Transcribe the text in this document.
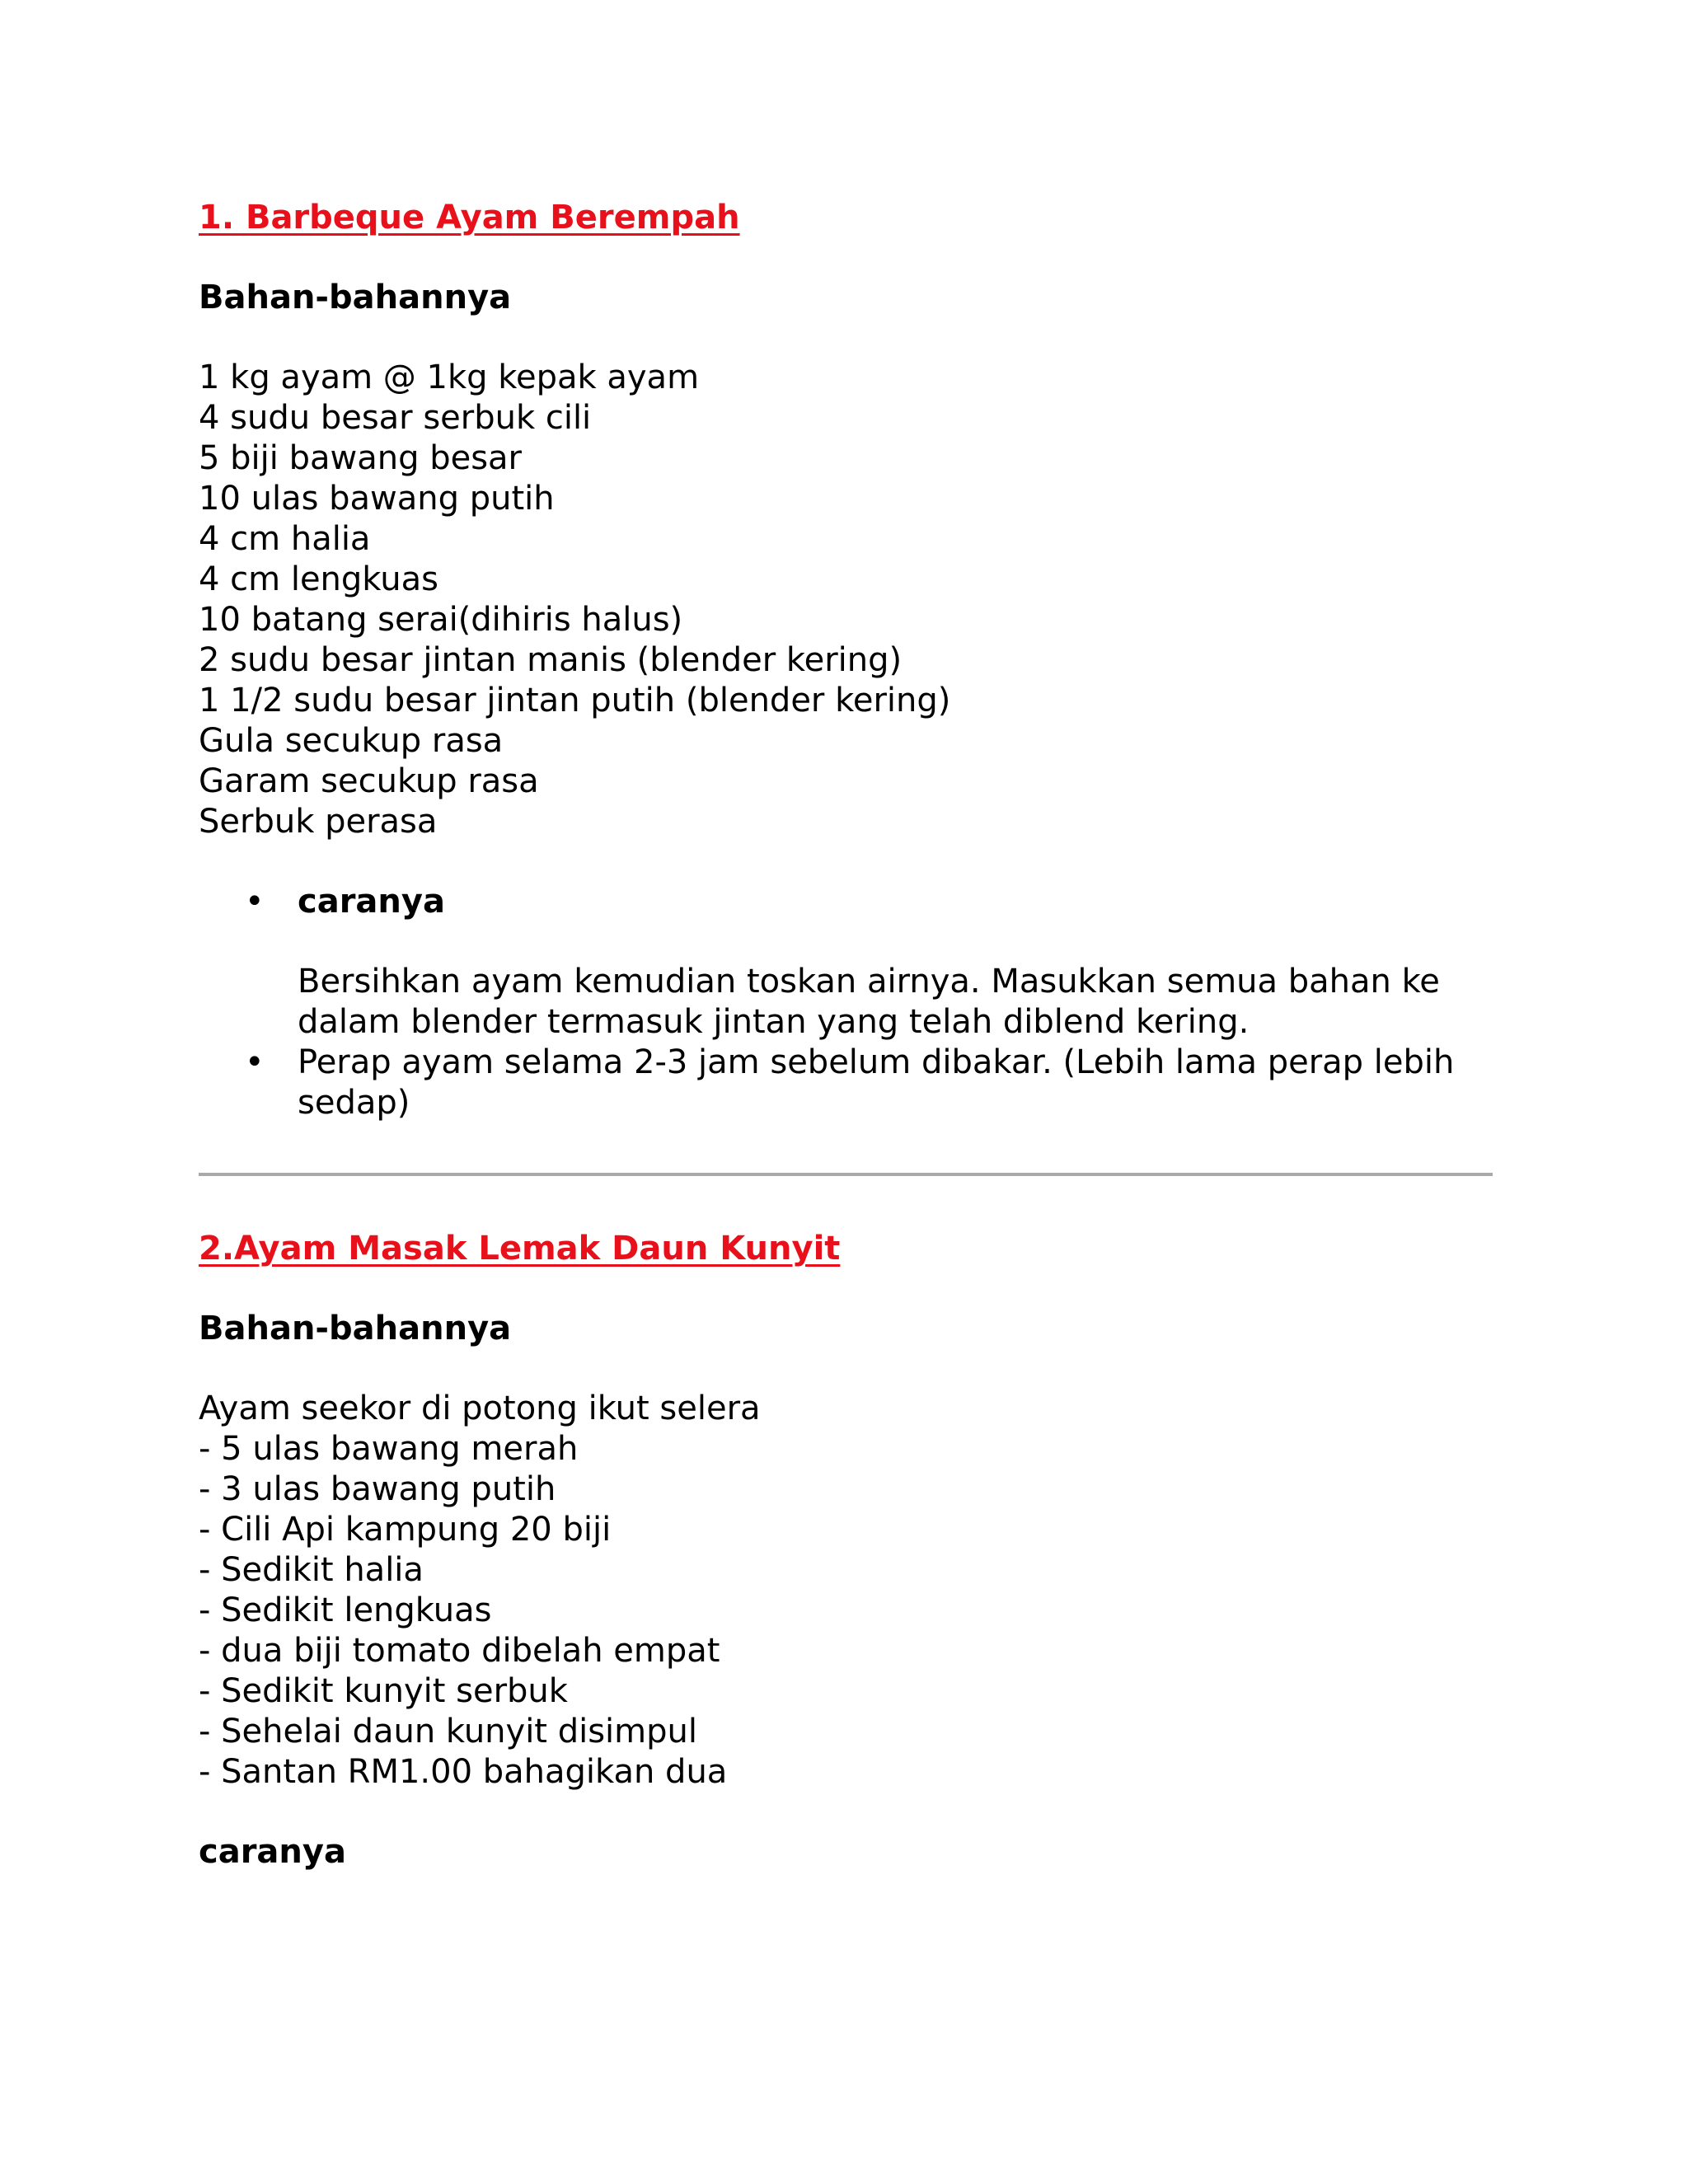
1. Barbeque Ayam Berempah
Bahan-bahannya
1 kg ayam @ 1kg kepak ayam
4 sudu besar serbuk cili
5 biji bawang besar
10 ulas bawang putih
4 cm halia
4 cm lengkuas
10 batang serai(dihiris halus)
2 sudu besar jintan manis (blender kering)
1 1/2 sudu besar jintan putih (blender kering)
Gula secukup rasa
Garam secukup rasa
Serbuk perasa
• caranya
Bersihkan ayam kemudian toskan airnya. Masukkan semua bahan ke dalam blender termasuk jintan yang telah diblend kering.
• Perap ayam selama 2-3 jam sebelum dibakar. (Lebih lama perap lebih sedap)
2.Ayam Masak Lemak Daun Kunyit
Bahan-bahannya
Ayam seekor di potong ikut selera
- 5 ulas bawang merah
- 3 ulas bawang putih
- Cili Api kampung 20 biji
- Sedikit halia
- Sedikit lengkuas
- dua biji tomato dibelah empat
- Sedikit kunyit serbuk
- Sehelai daun kunyit disimpul
- Santan RM1.00 bahagikan dua
caranya
